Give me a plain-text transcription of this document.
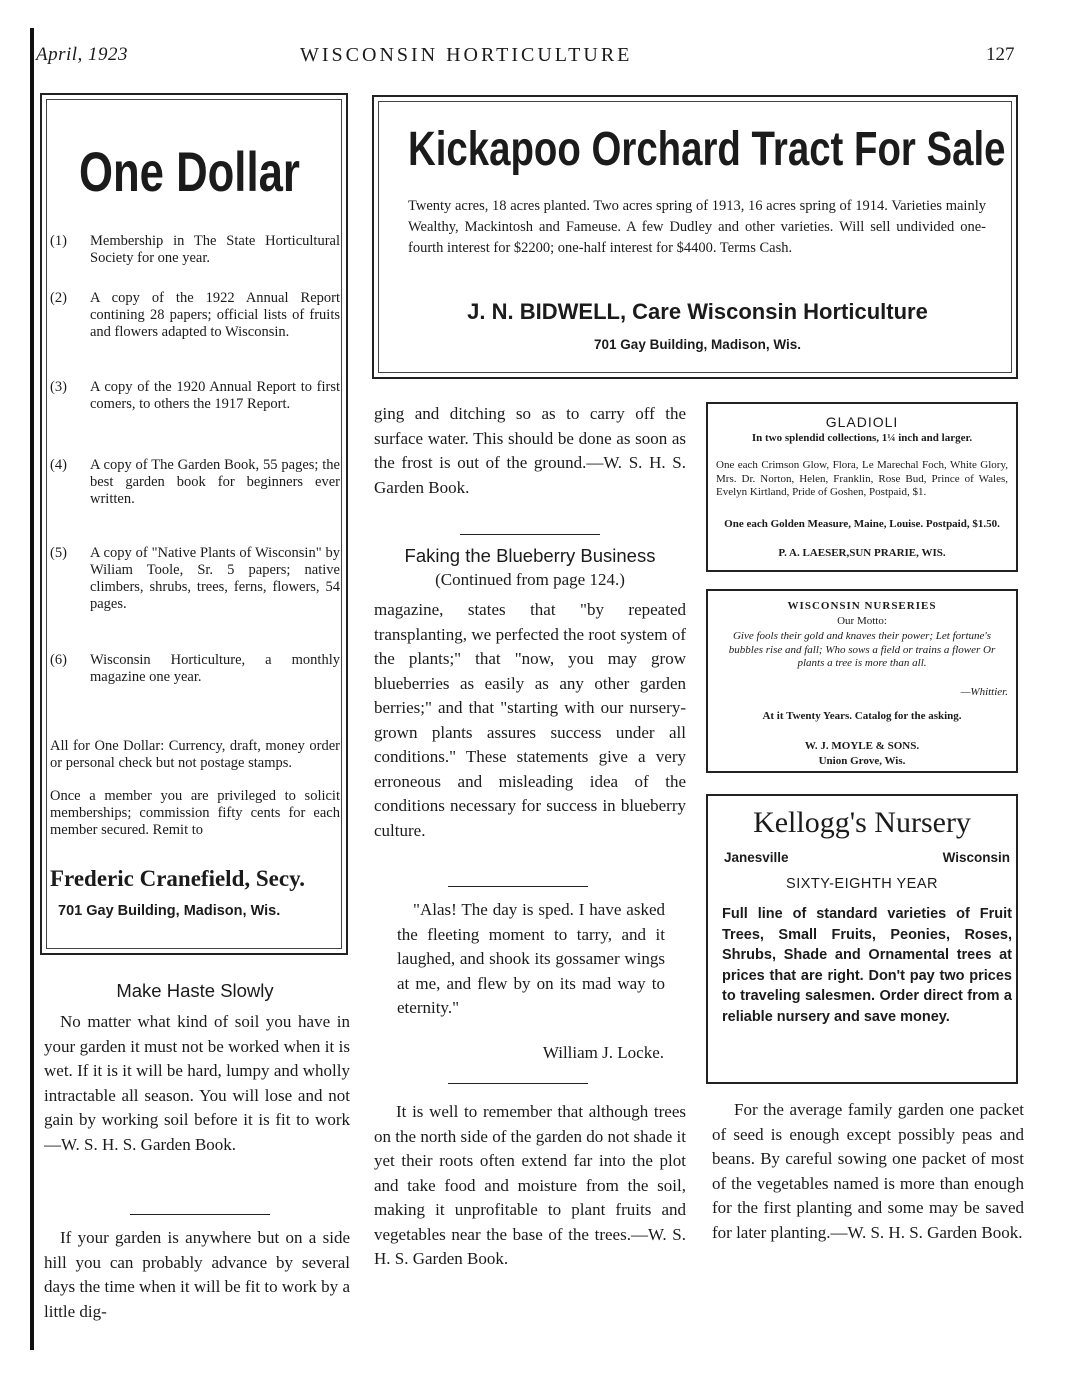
April, 1923	WISCONSIN HORTICULTURE	127
One Dollar
(1)	Membership in The State Horticultural Society for one year.
(2)	A copy of the 1922 Annual Report contining 28 papers; official lists of fruits and flowers adapted to Wisconsin.
(3)	A copy of the 1920 Annual Report to first comers, to others the 1917 Report.
(4)	A copy of The Garden Book, 55 pages; the best garden book for beginners ever written.
(5)	A copy of "Native Plants of Wisconsin" by Wiliam Toole, Sr. 5 papers; native climbers, shrubs, trees, ferns, flowers, 54 pages.
(6)	Wisconsin Horticulture, a monthly magazine one year.
All for One Dollar: Currency, draft, money order or personal check but not postage stamps.
Once a member you are privileged to solicit memberships; commission fifty cents for each member secured. Remit to
Frederic Cranefield, Secy.
701 Gay Building, Madison, Wis.
Make Haste Slowly
No matter what kind of soil you have in your garden it must not be worked when it is wet. If it is it will be hard, lumpy and wholly intractable all season. You will lose and not gain by working soil before it is fit to work—W. S. H. S. Garden Book.
If your garden is anywhere but on a side hill you can probably advance by several days the time when it will be fit to work by a little dig-
Kickapoo Orchard Tract For Sale
Twenty acres, 18 acres planted. Two acres spring of 1913, 16 acres spring of 1914. Varieties mainly Wealthy, Mackintosh and Fameuse. A few Dudley and other varieties. Will sell undivided one-fourth interest for $2200; one-half interest for $4400. Terms Cash.
J. N. BIDWELL, Care Wisconsin Horticulture
701 Gay Building, Madison, Wis.
ging and ditching so as to carry off the surface water. This should be done as soon as the frost is out of the ground.—W. S. H. S. Garden Book.
Faking the Blueberry Business
(Continued from page 124.)
magazine, states that "by repeated transplanting, we perfected the root system of the plants;" that "now, you may grow blueberries as easily as any other garden berries;" and that "starting with our nursery-grown plants assures success under all conditions." These statements give a very erroneous and misleading idea of the conditions necessary for success in blueberry culture.
"Alas! The day is sped. I have asked the fleeting moment to tarry, and it laughed, and shook its gossamer wings at me, and flew by on its mad way to eternity."
William J. Locke.
It is well to remember that although trees on the north side of the garden do not shade it yet their roots often extend far into the plot and take food and moisture from the soil, making it unprofitable to plant fruits and vegetables near the base of the trees.—W. S. H. S. Garden Book.
GLADIOLI
In two splendid collections, 1¼ inch and larger.
One each Crimson Glow, Flora, Le Marechal Foch, White Glory, Mrs. Dr. Norton, Helen, Franklin, Rose Bud, Prince of Wales, Evelyn Kirtland, Pride of Goshen, Postpaid, $1.
One each Golden Measure, Maine, Louise. Postpaid, $1.50.
P. A. LAESER,SUN PRARIE, WIS.
WISCONSIN NURSERIES
Our Motto:
Give fools their gold and knaves their power; Let fortune's bubbles rise and fall; Who sows a field or trains a flower Or plants a tree is more than all.
—Whittier.
At it Twenty Years. Catalog for the asking.
W. J. MOYLE & SONS.
Union Grove, Wis.
Kellogg's Nursery
Janesville	Wisconsin
SIXTY-EIGHTH YEAR
Full line of standard varieties of Fruit Trees, Small Fruits, Peonies, Roses, Shrubs, Shade and Ornamental trees at prices that are right. Don't pay two prices to traveling salesmen. Order direct from a reliable nursery and save money.
For the average family garden one packet of seed is enough except possibly peas and beans. By careful sowing one packet of most of the vegetables named is more than enough for the first planting and some may be saved for later planting.—W. S. H. S. Garden Book.
